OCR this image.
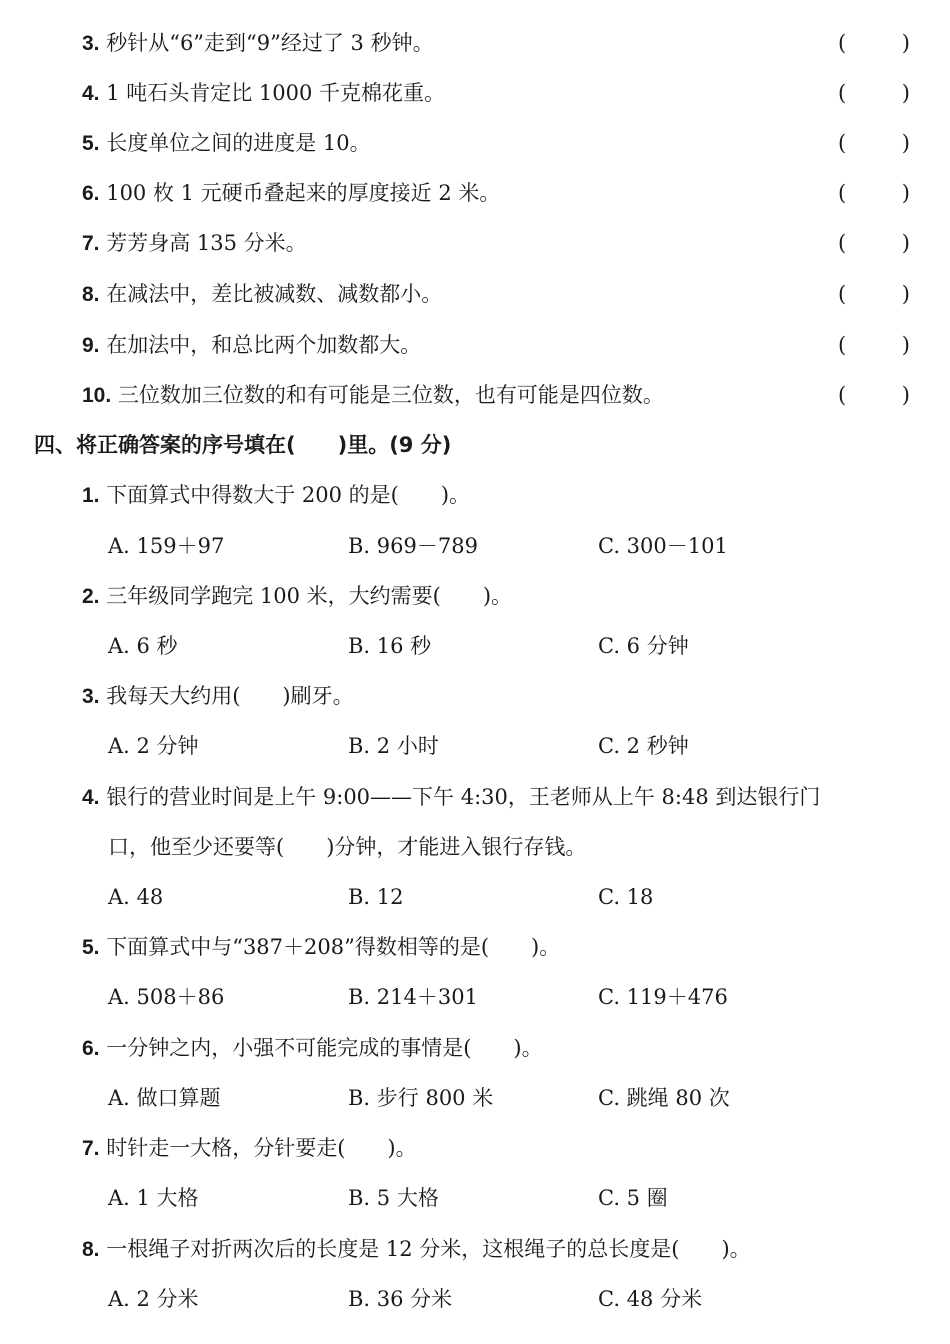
3. 秒针从“6”走到“9”经过了 3 秒钟。	(	)
4. 1 吨石头肯定比 1000 千克棉花重。	(	)
5. 长度单位之间的进度是 10。	(	)
6. 100 枚 1 元硬币叠起来的厚度接近 2 米。	(	)
7. 芳芳身高 135 分米。	(	)
8. 在减法中，差比被减数、减数都小。	(	)
9. 在加法中，和总比两个加数都大。	(	)
10. 三位数加三位数的和有可能是三位数，也有可能是四位数。	(	)
四、将正确答案的序号填在(　　)里。(9 分)
1. 下面算式中得数大于 200 的是(　　)。
A. 159＋97	B. 969－789	C. 300－101
2. 三年级同学跑完 100 米，大约需要(　　)。
A. 6 秒	B. 16 秒	C. 6 分钟
3. 我每天大约用(　　)刷牙。
A. 2 分钟	B. 2 小时	C. 2 秒钟
4. 银行的营业时间是上午 9:00——下午 4:30，王老师从上午 8:48 到达银行门
口，他至少还要等(　　)分钟，才能进入银行存钱。
A. 48	B. 12	C. 18
5. 下面算式中与“387＋208”得数相等的是(　　)。
A. 508＋86	B. 214＋301	C. 119＋476
6. 一分钟之内，小强不可能完成的事情是(　　)。
A. 做口算题	B. 步行 800 米	C. 跳绳 80 次
7. 时针走一大格，分针要走(　　)。
A. 1 大格	B. 5 大格	C. 5 圈
8. 一根绳子对折两次后的长度是 12 分米，这根绳子的总长度是(　　)。
A. 2 分米	B. 36 分米	C. 48 分米
